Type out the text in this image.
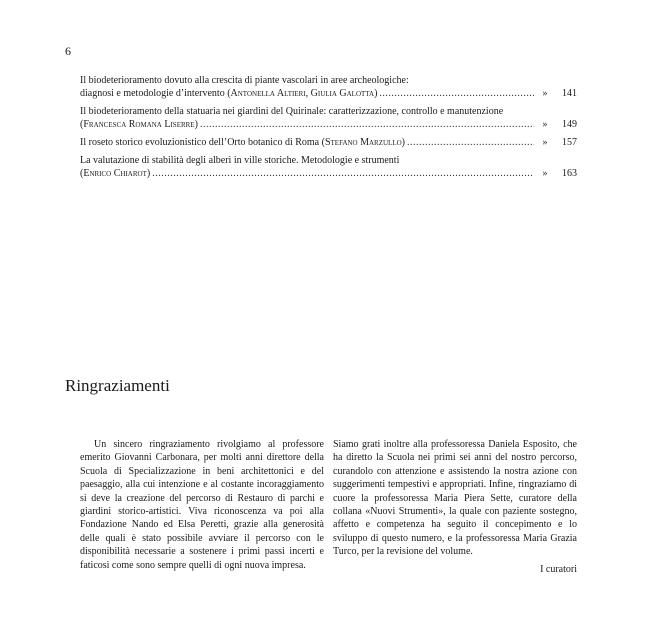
6
Il biodeterioramento dovuto alla crescita di piante vascolari in aree archeologiche:
diagnosi e metodologie d’intervento (Antonella Altieri, Giulia Galotta) .....	»	141
Il biodeterioramento della statuaria nei giardini del Quirinale: caratterizzazione, controllo e manutenzione
(Francesca Romana Liserre) .....	»	149
Il roseto storico evoluzionistico dell’Orto botanico di Roma (Stefano Marzullo) .....	»	157
La valutazione di stabilità degli alberi in ville storiche. Metodologie e strumenti
(Enrico Chiarot) .....	»	163
Ringraziamenti

Un sincero ringraziamento rivolgiamo al professore emerito Giovanni Carbonara, per molti anni direttore della Scuola di Specializzazione in beni architettonici e del paesaggio, alla cui intenzione e al costante incoraggiamento si deve la creazione del percorso di Restauro di parchi e giardini storico-artistici. Viva riconoscenza va poi alla Fondazione Nando ed Elsa Peretti, grazie alla generosità delle quali è stato possibile avviare il percorso con le disponibilità necessarie a sostenere i primi passi incerti e faticosi come sono sempre quelli di ogni nuova impresa.

Siamo grati inoltre alla professoressa Daniela Esposito, che ha diretto la Scuola nei primi sei anni del nostro percorso, curandolo con attenzione e assistendo la nostra azione con suggerimenti tempestivi e appropriati. Infine, ringraziamo di cuore la professoressa Maria Piera Sette, curatore della collana «Nuovi Strumenti», la quale con paziente sostegno, affetto e competenza ha seguito il concepimento e lo sviluppo di questo numero, e la professoressa Maria Grazia Turco, per la revisione del volume.

I curatori
